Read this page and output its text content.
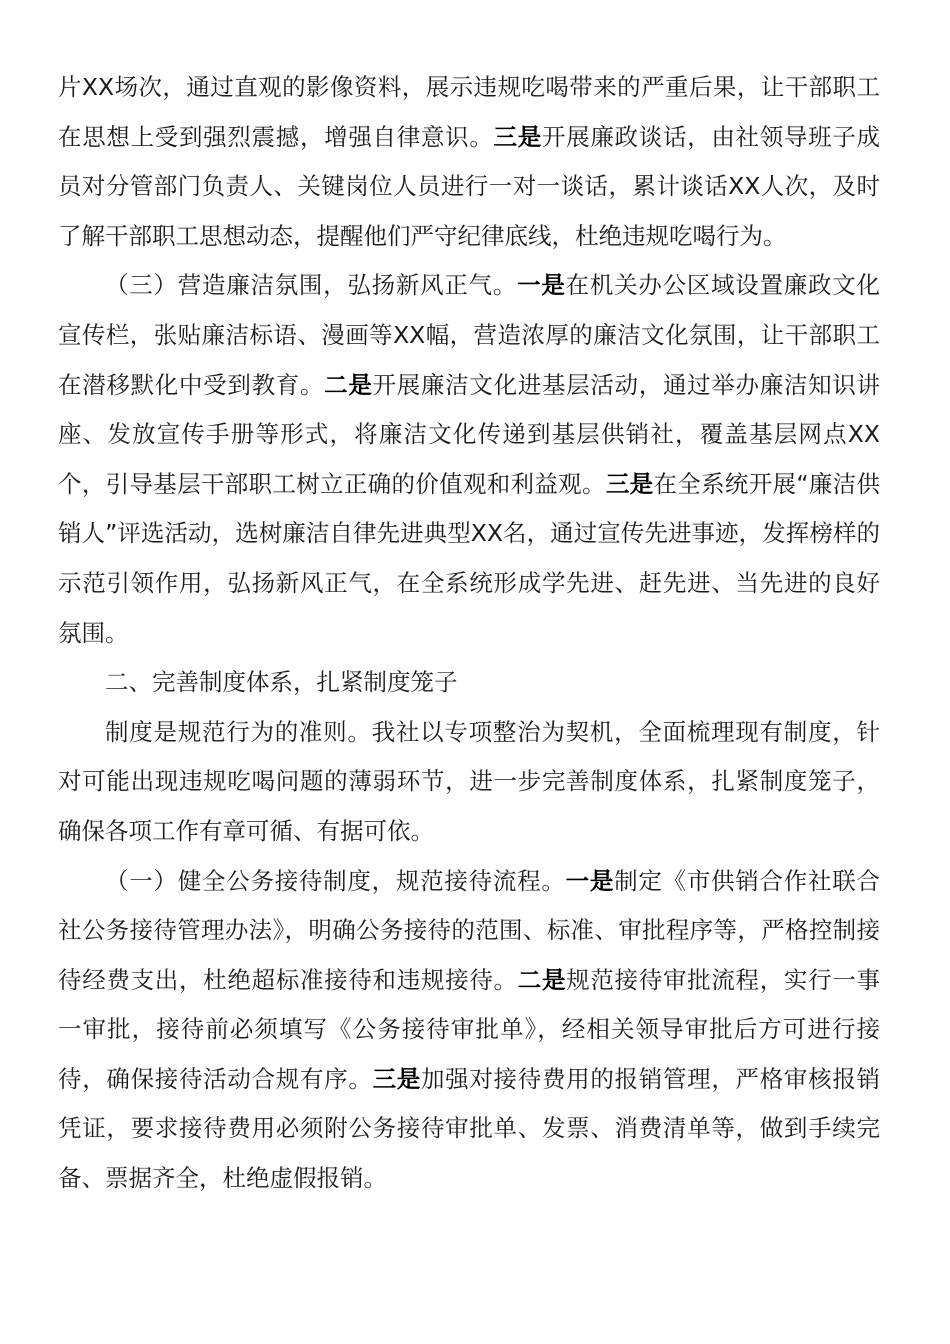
片XX场次，通过直观的影像资料，展示违规吃喝带来的严重后果，让干部职工在思想上受到强烈震撼，增强自律意识。三是开展廉政谈话，由社领导班子成员对分管部门负责人、关键岗位人员进行一对一谈话，累计谈话XX人次，及时了解干部职工思想动态，提醒他们严守纪律底线，杜绝违规吃喝行为。

（三）营造廉洁氛围，弘扬新风正气。一是在机关办公区域设置廉政文化宣传栏，张贴廉洁标语、漫画等XX幅，营造浓厚的廉洁文化氛围，让干部职工在潜移默化中受到教育。二是开展廉洁文化进基层活动，通过举办廉洁知识讲座、发放宣传手册等形式，将廉洁文化传递到基层供销社，覆盖基层网点XX个，引导基层干部职工树立正确的价值观和利益观。三是在全系统开展“廉洁供销人”评选活动，选树廉洁自律先进典型XX名，通过宣传先进事迹，发挥榜样的示范引领作用，弘扬新风正气，在全系统形成学先进、赶先进、当先进的良好氛围。

二、完善制度体系，扎紧制度笼子

制度是规范行为的准则。我社以专项整治为契机，全面梳理现有制度，针对可能出现违规吃喝问题的薄弱环节，进一步完善制度体系，扎紧制度笼子，确保各项工作有章可循、有据可依。

（一）健全公务接待制度，规范接待流程。一是制定《市供销合作社联合社公务接待管理办法》，明确公务接待的范围、标准、审批程序等，严格控制接待经费支出，杜绝超标准接待和违规接待。二是规范接待审批流程，实行一事一审批，接待前必须填写《公务接待审批单》，经相关领导审批后方可进行接待，确保接待活动合规有序。三是加强对接待费用的报销管理，严格审核报销凭证，要求接待费用必须附公务接待审批单、发票、消费清单等，做到手续完备、票据齐全，杜绝虚假报销。
